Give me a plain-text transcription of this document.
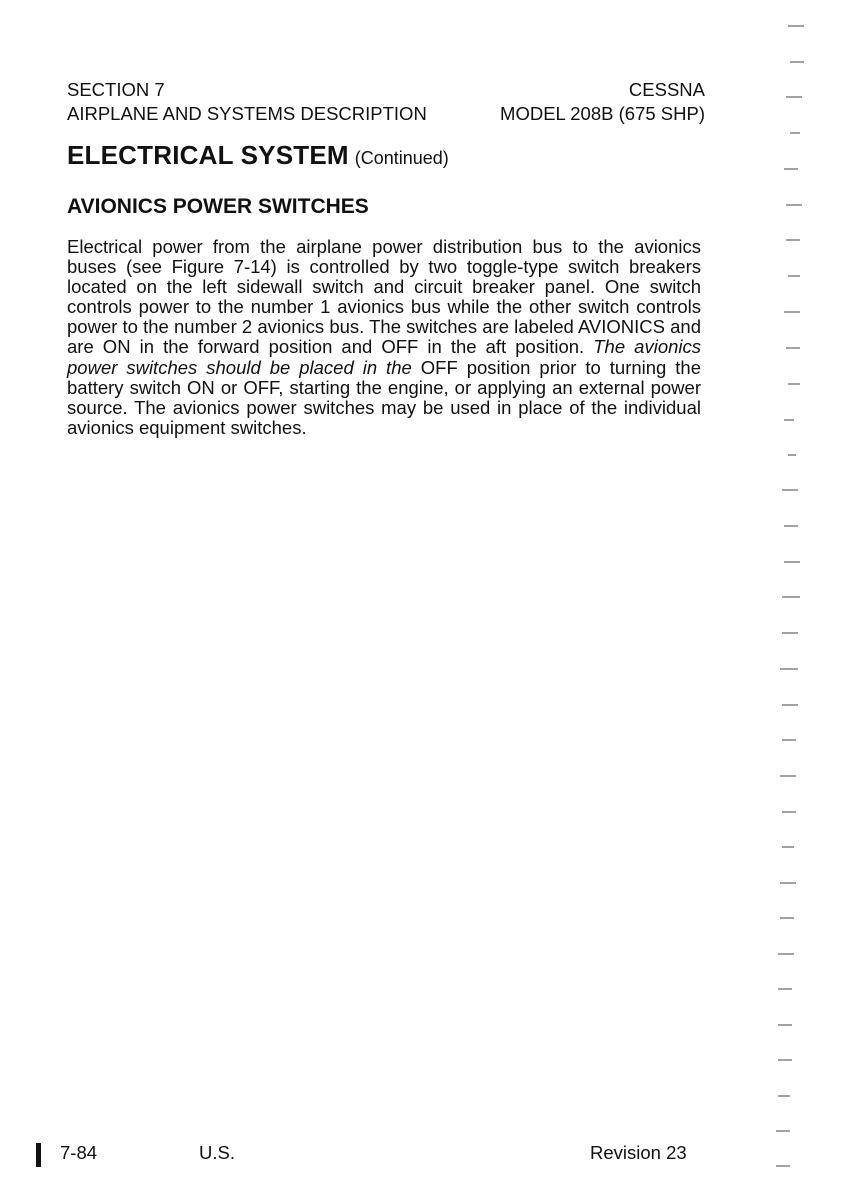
SECTION 7	CESSNA
AIRPLANE AND SYSTEMS DESCRIPTION	MODEL 208B (675 SHP)
ELECTRICAL SYSTEM (Continued)
AVIONICS POWER SWITCHES
Electrical power from the airplane power distribution bus to the avionics buses (see Figure 7-14) is controlled by two toggle-type switch breakers located on the left sidewall switch and circuit breaker panel. One switch controls power to the number 1 avionics bus while the other switch controls power to the number 2 avionics bus. The switches are labeled AVIONICS and are ON in the forward position and OFF in the aft position. The avionics power switches should be placed in the OFF position prior to turning the battery switch ON or OFF, starting the engine, or applying an external power source. The avionics power switches may be used in place of the individual avionics equipment switches.
7-84	U.S.	Revision 23
